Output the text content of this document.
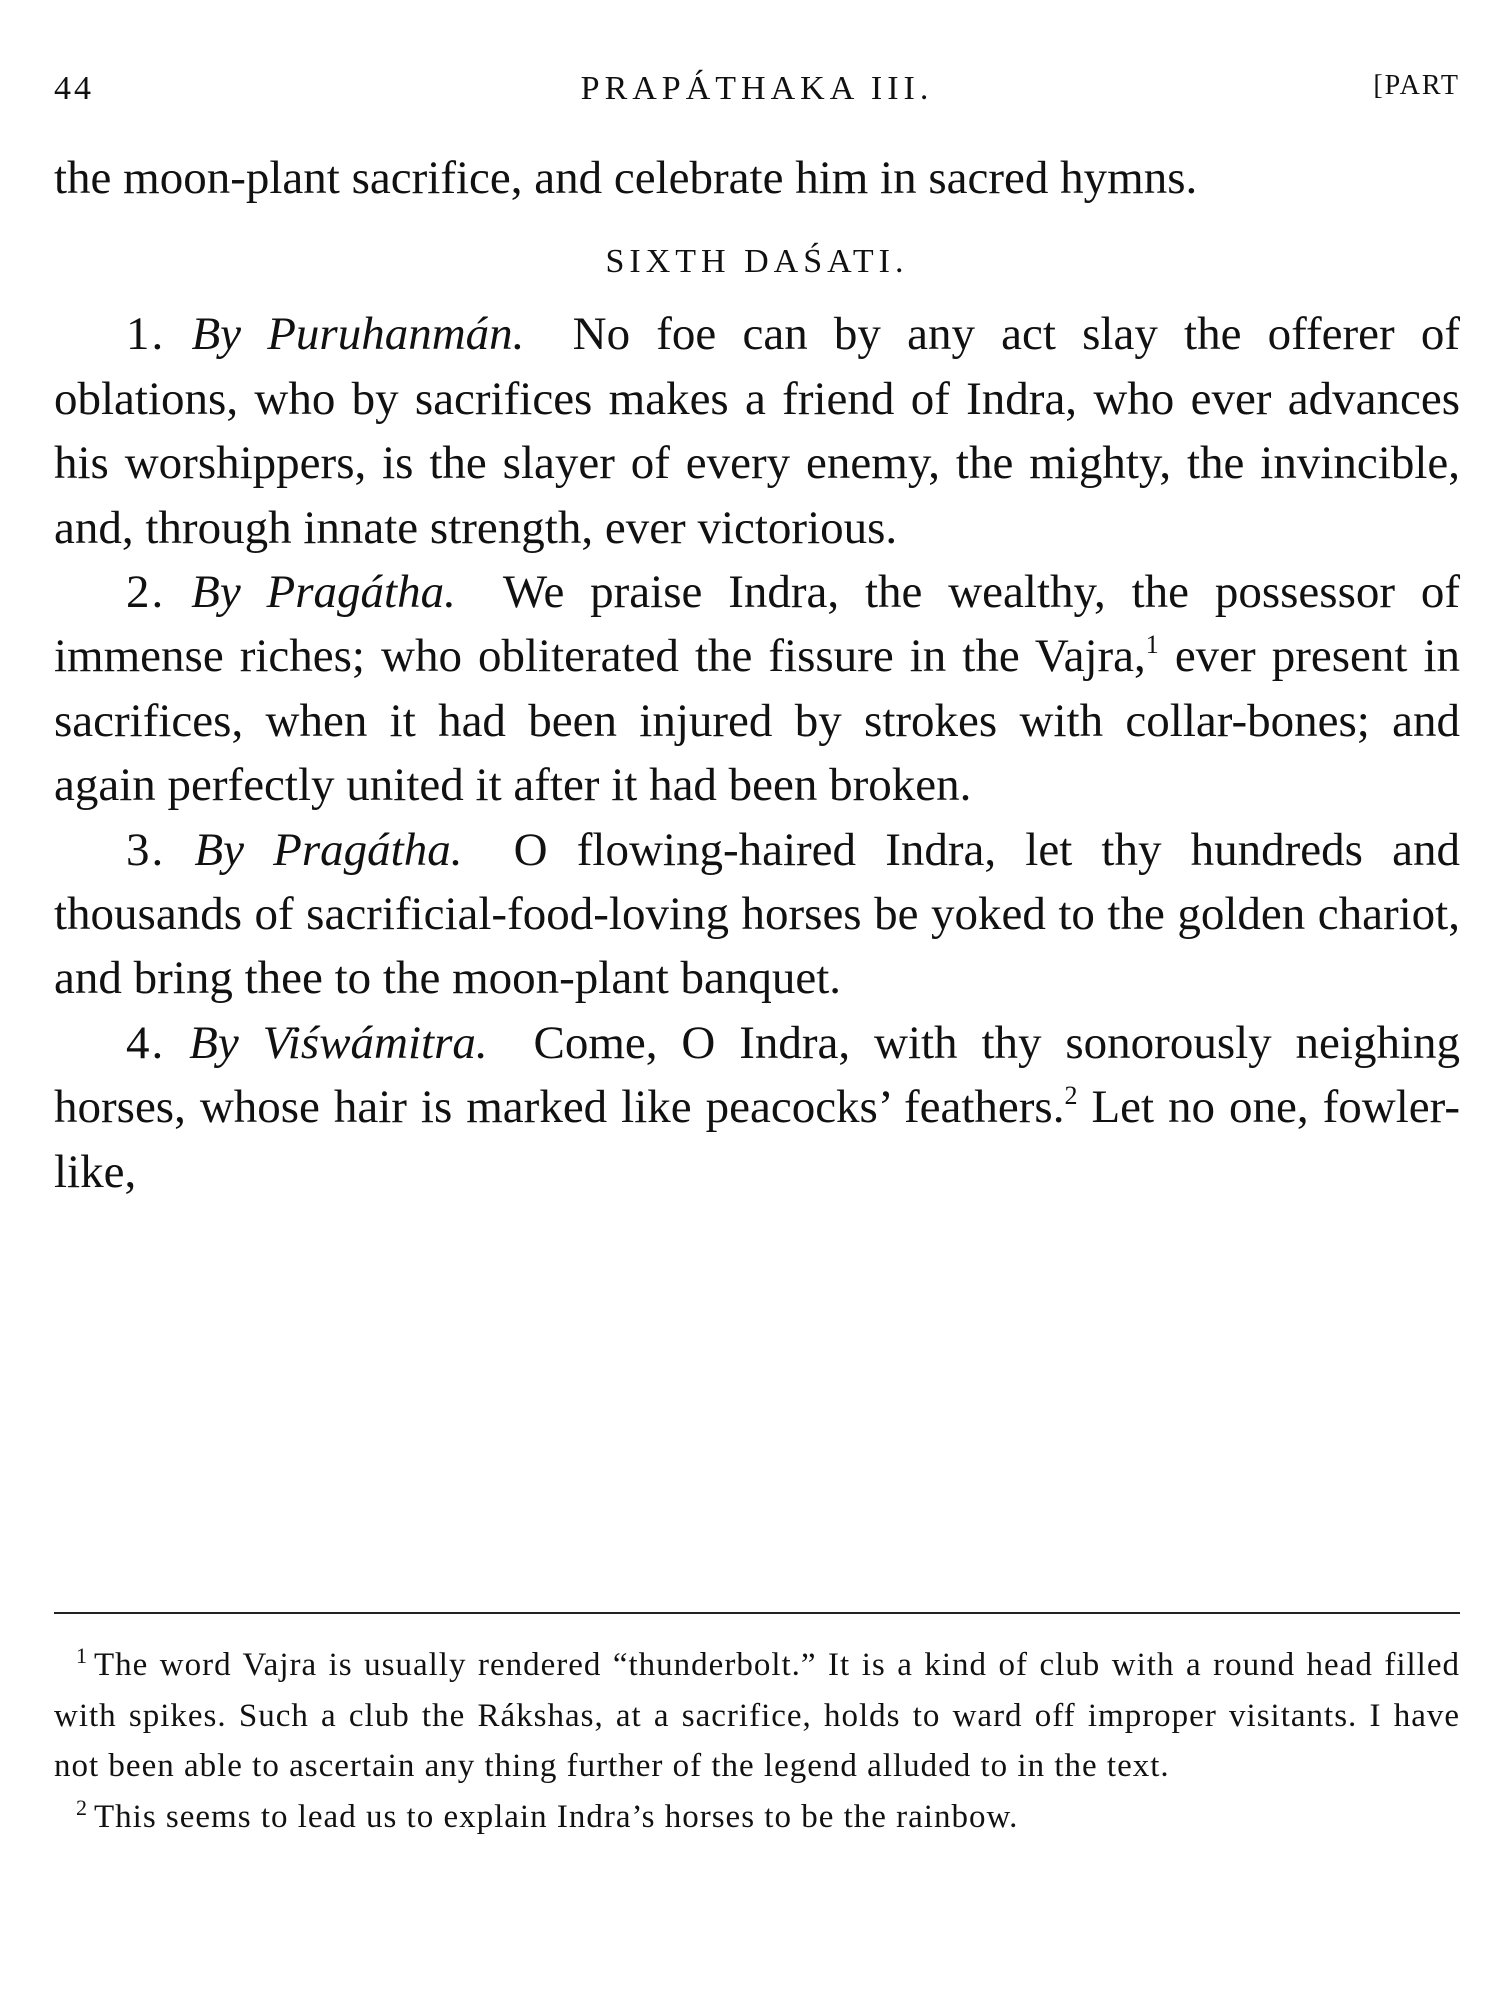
44	PRAPÁTHAKA III.	[PART

the moon-plant sacrifice, and celebrate him in sacred hymns.

SIXTH DAŚATI.

1. By Puruhanmán. No foe can by any act slay the offerer of oblations, who by sacrifices makes a friend of Indra, who ever advances his worshippers, is the slayer of every enemy, the mighty, the invincible, and, through innate strength, ever victorious.

2. By Pragátha. We praise Indra, the wealthy, the possessor of immense riches; who obliterated the fissure in the Vajra,$^1$ ever present in sacrifices, when it had been injured by strokes with collar-bones; and again perfectly united it after it had been broken.

3. By Pragátha. O flowing-haired Indra, let thy hundreds and thousands of sacrificial-food-loving horses be yoked to the golden chariot, and bring thee to the moon-plant banquet.

4. By Viśwámitra. Come, O Indra, with thy sonorously neighing horses, whose hair is marked like peacocks’ feathers.$^2$ Let no one, fowler-like,

$^1$ The word Vajra is usually rendered “thunderbolt.” It is a kind of club with a round head filled with spikes. Such a club the Rákshas, at a sacrifice, holds to ward off improper visitants. I have not been able to ascertain any thing further of the legend alluded to in the text.

$^2$ This seems to lead us to explain Indra’s horses to be the rainbow.
